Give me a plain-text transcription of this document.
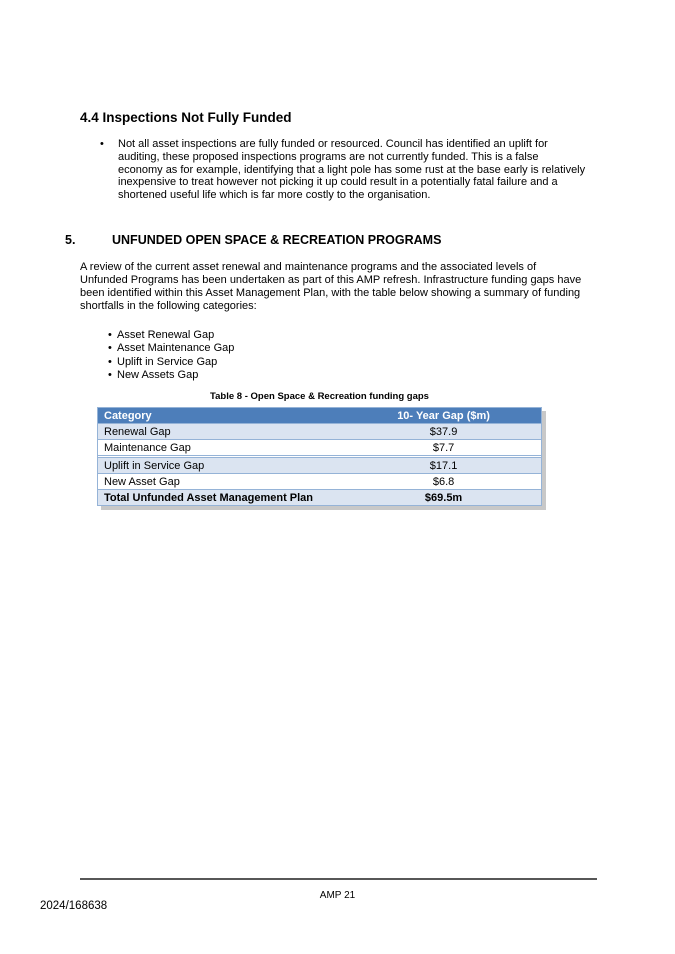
4.4 Inspections Not Fully Funded
• Not all asset inspections are fully funded or resourced. Council has identified an uplift for
auditing, these proposed inspections programs are not currently funded. This is a false
economy as for example, identifying that a light pole has some rust at the base early is relatively
inexpensive to treat however not picking it up could result in a potentially fatal failure and a
shortened useful life which is far more costly to the organisation.
5.	UNFUNDED OPEN SPACE & RECREATION PROGRAMS
A review of the current asset renewal and maintenance programs and the associated levels of
Unfunded Programs has been undertaken as part of this AMP refresh. Infrastructure funding gaps have
been identified within this Asset Management Plan, with the table below showing a summary of funding
shortfalls in the following categories:
• Asset Renewal Gap
• Asset Maintenance Gap
• Uplift in Service Gap
• New Assets Gap
Table 8 - Open Space & Recreation funding gaps
Category	10- Year Gap ($m)
Renewal Gap	$37.9
Maintenance Gap	$7.7

Uplift in Service Gap	$17.1
New Asset Gap	$6.8
Total Unfunded Asset Management Plan	$69.5m
AMP 21
2024/168638
